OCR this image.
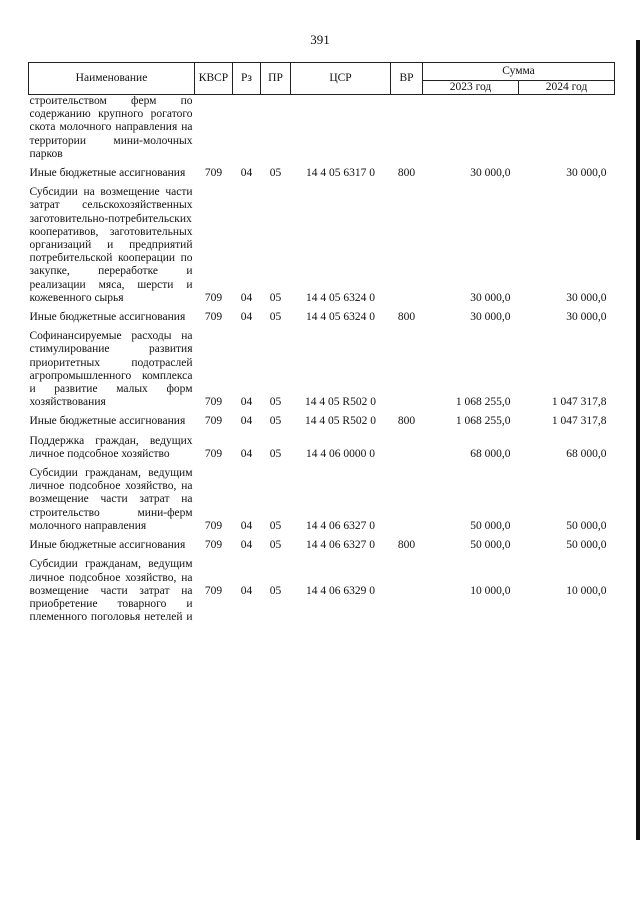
391
Наименование	КВСР	Рз	ПР	ЦСР	ВР	Сумма	
						2023 год	2024 год
строительством ферм по содержанию крупного рогатого скота молочного направления на территории мини-молочных парков							

Иные бюджетные ассигнования	709	04	05	14 4 05 6317 0	800	30 000,0	30 000,0

Субсидии на возмещение части затрат сельскохозяйственных заготовительно-потребительских кооперативов, заготовительных организаций и предприятий потребительской кооперации по закупке, переработке и реализации мяса, шерсти и кожевенного сырья	709	04	05	14 4 05 6324 0		30 000,0	30 000,0

Иные бюджетные ассигнования	709	04	05	14 4 05 6324 0	800	30 000,0	30 000,0

Софинансируемые расходы на стимулирование развития приоритетных подотраслей агропромышленного комплекса и развитие малых форм хозяйствования	709	04	05	14 4 05 R502 0		1 068 255,0	1 047 317,8

Иные бюджетные ассигнования	709	04	05	14 4 05 R502 0	800	1 068 255,0	1 047 317,8

Поддержка граждан, ведущих личное подсобное хозяйство	709	04	05	14 4 06 0000 0		68 000,0	68 000,0

Субсидии гражданам, ведущим личное подсобное хозяйство, на возмещение части затрат на строительство мини-ферм молочного направления	709	04	05	14 4 06 6327 0		50 000,0	50 000,0

Иные бюджетные ассигнования	709	04	05	14 4 06 6327 0	800	50 000,0	50 000,0

Субсидии гражданам, ведущим личное подсобное хозяйство, на возмещение части затрат на приобретение товарного и племенного поголовья нетелей и	709	04	05	14 4 06 6329 0		10 000,0	10 000,0
